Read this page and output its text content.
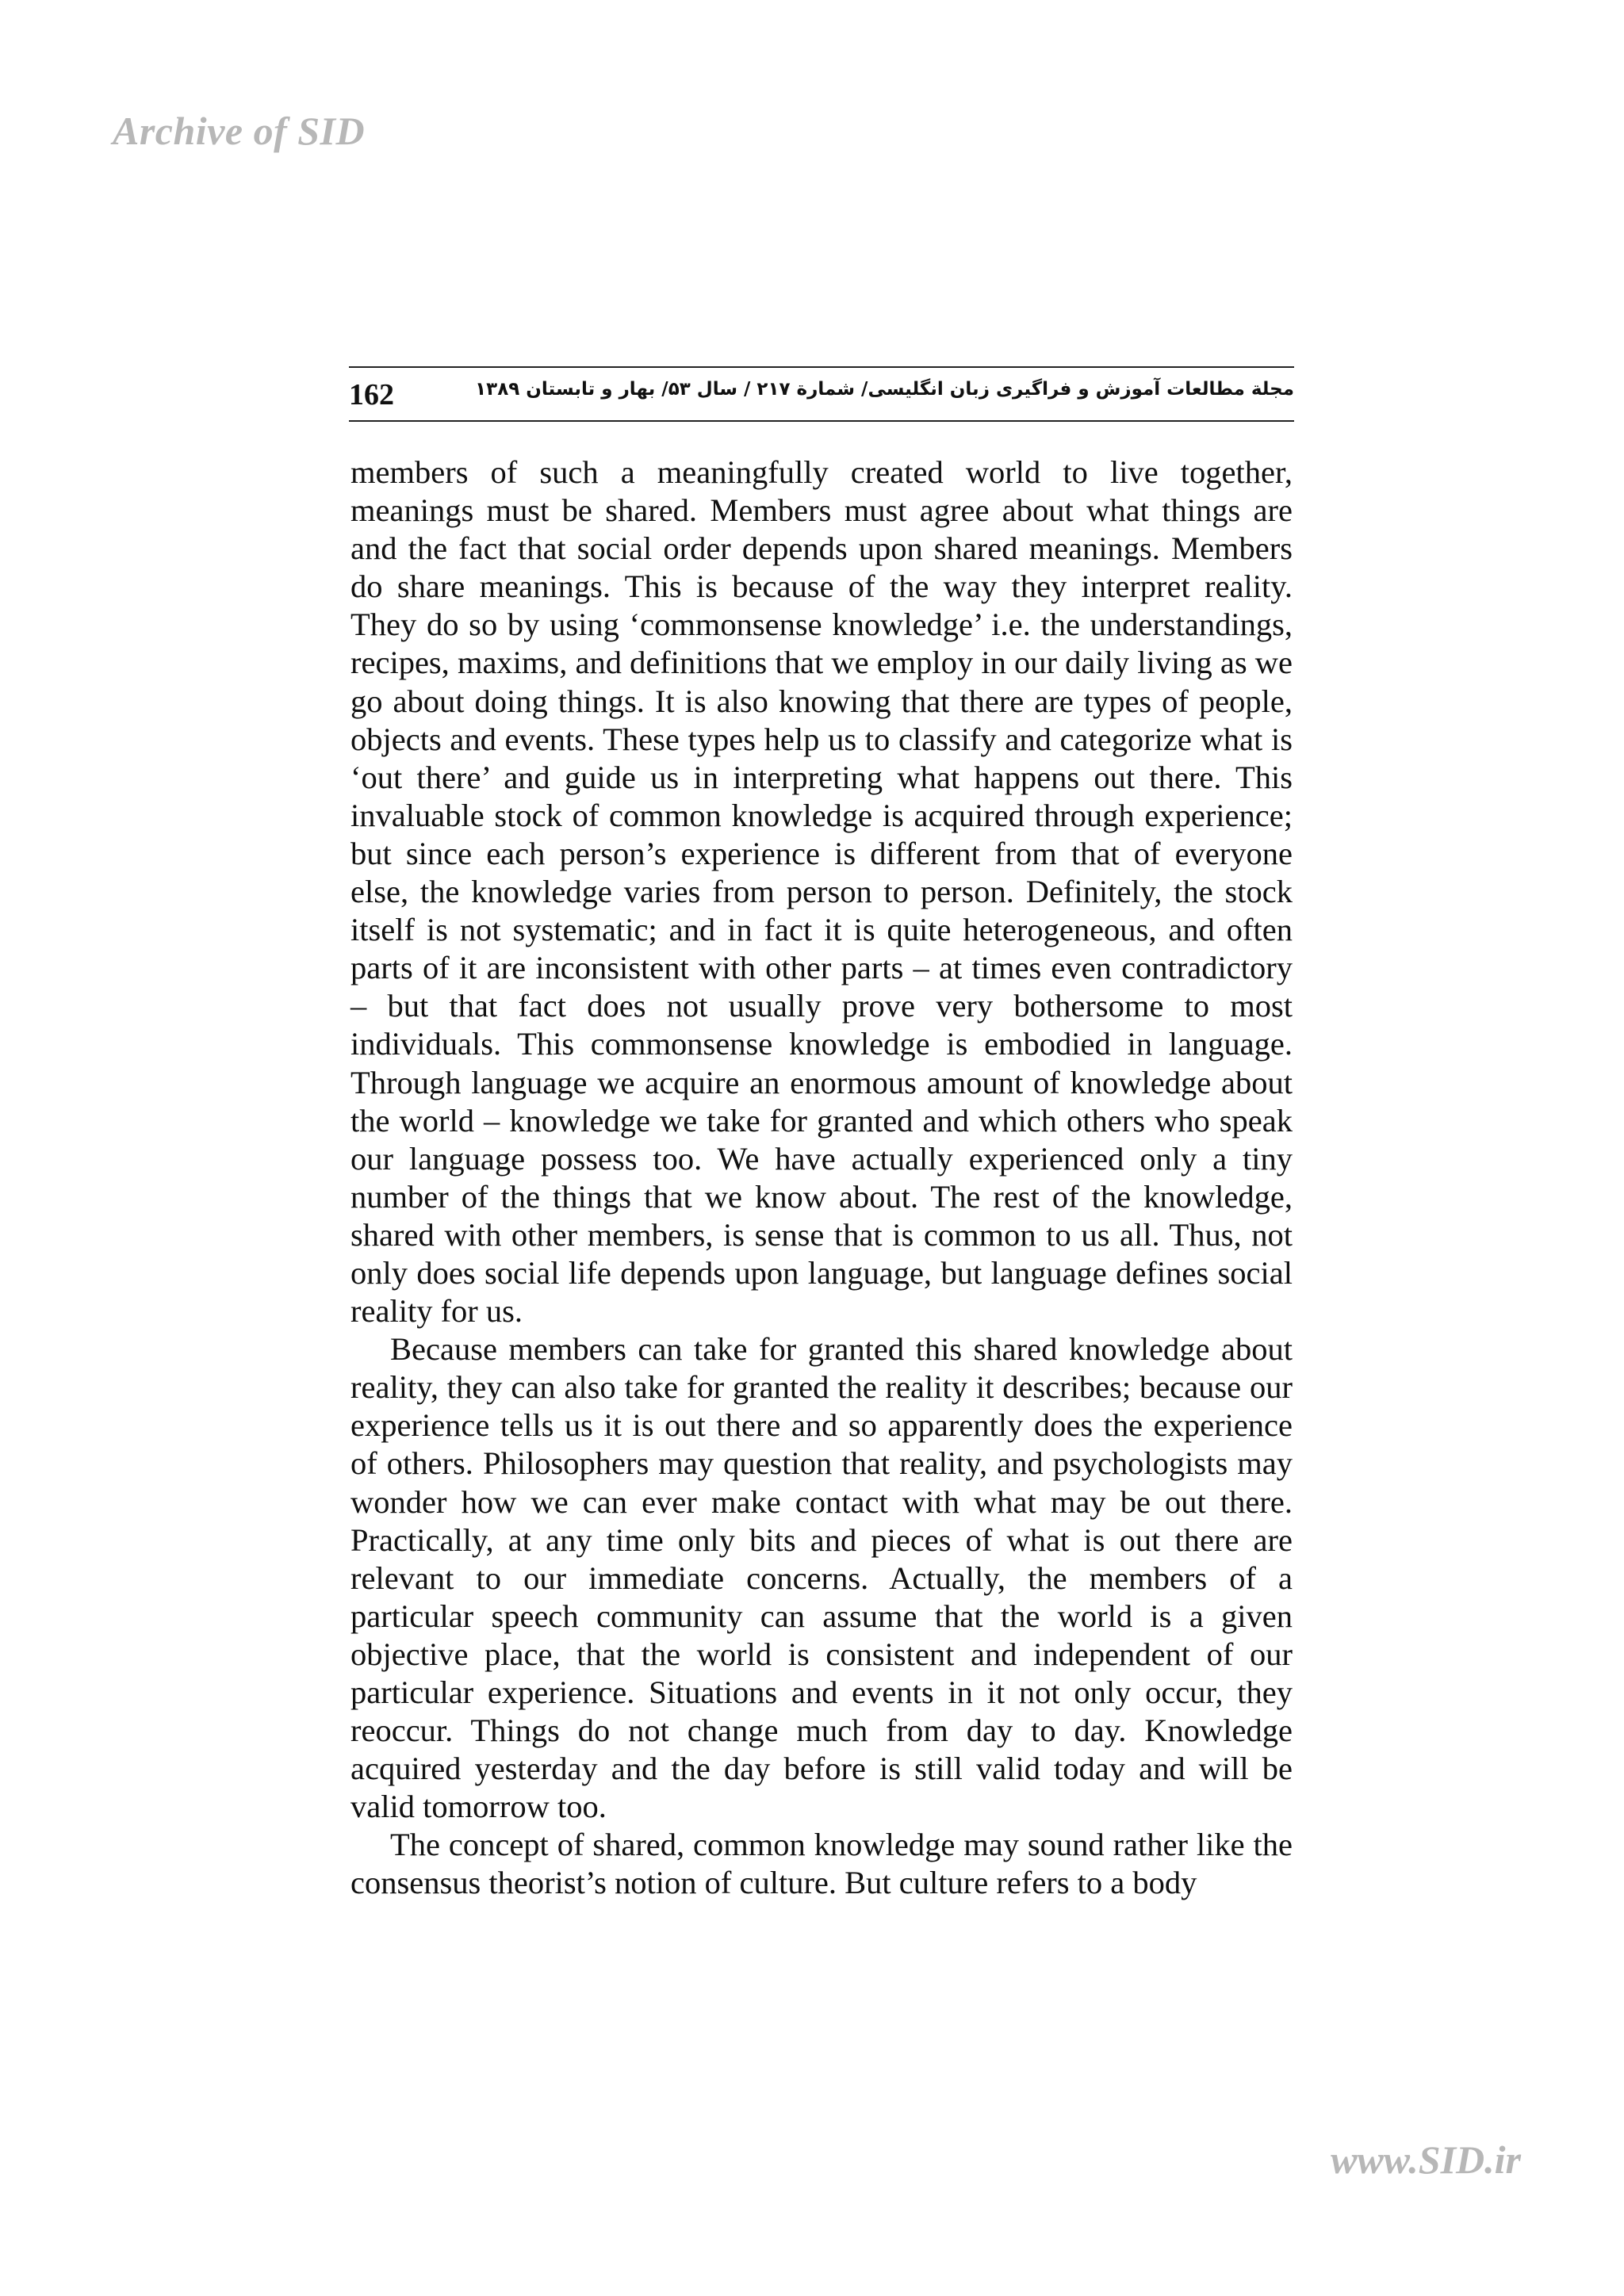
Archive of SID
162	مجلة مطالعات آموزش و فراگیری زبان انگلیسی/ شمارة ۲۱۷ / سال ۵۳/ بهار و تابستان ۱۳۸۹

members of such a meaningfully created world to live together, meanings must be shared. Members must agree about what things are and the fact that social order depends upon shared meanings. Members do share meanings. This is because of the way they interpret reality. They do so by using ‘commonsense knowledge’ i.e. the understandings, recipes, maxims, and definitions that we employ in our daily living as we go about doing things. It is also knowing that there are types of people, objects and events. These types help us to classify and categorize what is ‘out there’ and guide us in interpreting what happens out there. This invaluable stock of common knowledge is acquired through experience; but since each person’s experience is different from that of everyone else, the knowledge varies from person to person. Definitely, the stock itself is not systematic; and in fact it is quite heterogeneous, and often parts of it are inconsistent with other parts – at times even contradictory – but that fact does not usually prove very bothersome to most individuals. This commonsense knowledge is embodied in language. Through language we acquire an enormous amount of knowledge about the world – knowledge we take for granted and which others who speak our language possess too. We have actually experienced only a tiny number of the things that we know about. The rest of the knowledge, shared with other members, is sense that is common to us all. Thus, not only does social life depends upon language, but language defines social reality for us.

Because members can take for granted this shared knowledge about reality, they can also take for granted the reality it describes; because our experience tells us it is out there and so apparently does the experience of others. Philosophers may question that reality, and psychologists may wonder how we can ever make contact with what may be out there. Practically, at any time only bits and pieces of what is out there are relevant to our immediate concerns. Actually, the members of a particular speech community can assume that the world is a given objective place, that the world is consistent and independent of our particular experience. Situations and events in it not only occur, they reoccur. Things do not change much from day to day. Knowledge acquired yesterday and the day before is still valid today and will be valid tomorrow too.

The concept of shared, common knowledge may sound rather like the consensus theorist’s notion of culture. But culture refers to a body

www.SID.ir
